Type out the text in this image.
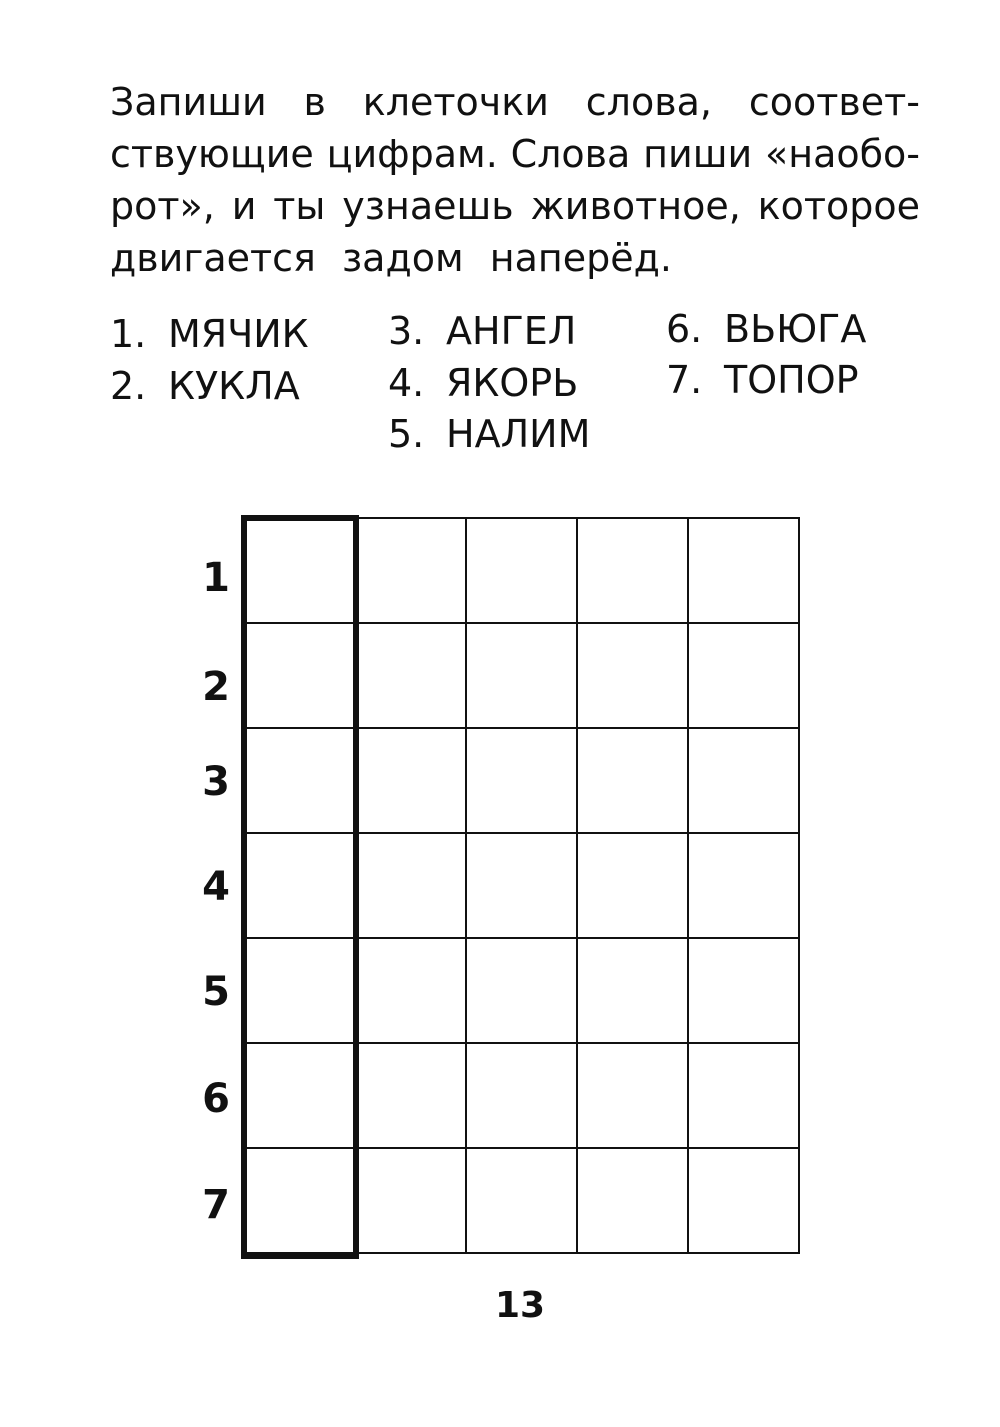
Запиши в клеточки слова, соответ-
ствующие цифрам. Слова пиши «наобо-
рот», и ты узнаешь животное, которое
двигается задом наперёд.
1. МЯЧИК
2. КУКЛА
3. АНГЕЛ
4. ЯКОРЬ
5. НАЛИМ
6. ВЬЮГА
7. ТОПОР
1
2
3
4
5
6
7

13
